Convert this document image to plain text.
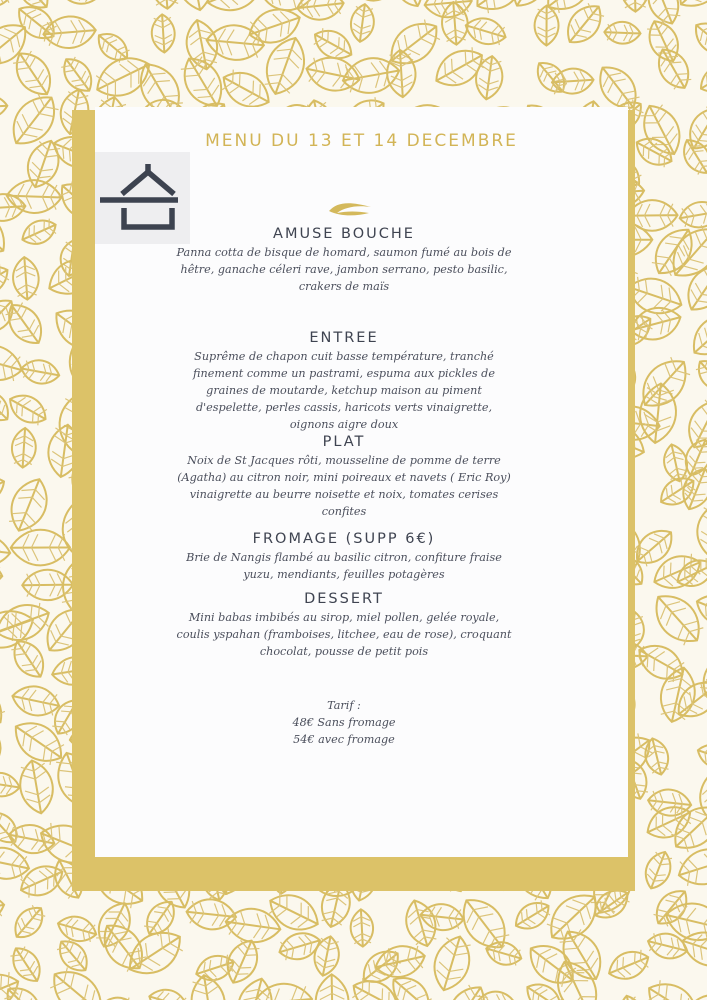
MENU DU 13 ET 14 DECEMBRE
AMUSE BOUCHE

Panna cotta de bisque de homard, saumon fumé au bois de hêtre, ganache céleri rave, jambon serrano, pesto basilic, crakers de maïs

ENTREE

Suprême de chapon cuit basse température, tranché finement comme un pastrami, espuma aux pickles de graines de moutarde, ketchup maison au piment d'espelette, perles cassis, haricots verts vinaigrette, oignons aigre doux

PLAT

Noix de St Jacques rôti, mousseline de pomme de terre (Agatha) au citron noir, mini poireaux et navets ( Eric Roy) vinaigrette au beurre noisette et noix, tomates cerises confites

FROMAGE (SUPP 6€)

Brie de Nangis flambé au basilic citron, confiture fraise yuzu, mendiants, feuilles potagères

DESSERT

Mini babas imbibés au sirop, miel pollen, gelée royale, coulis yspahan (framboises, litchee, eau de rose), croquant chocolat, pousse de petit pois

Tarif :
48€ Sans fromage
54€ avec fromage
